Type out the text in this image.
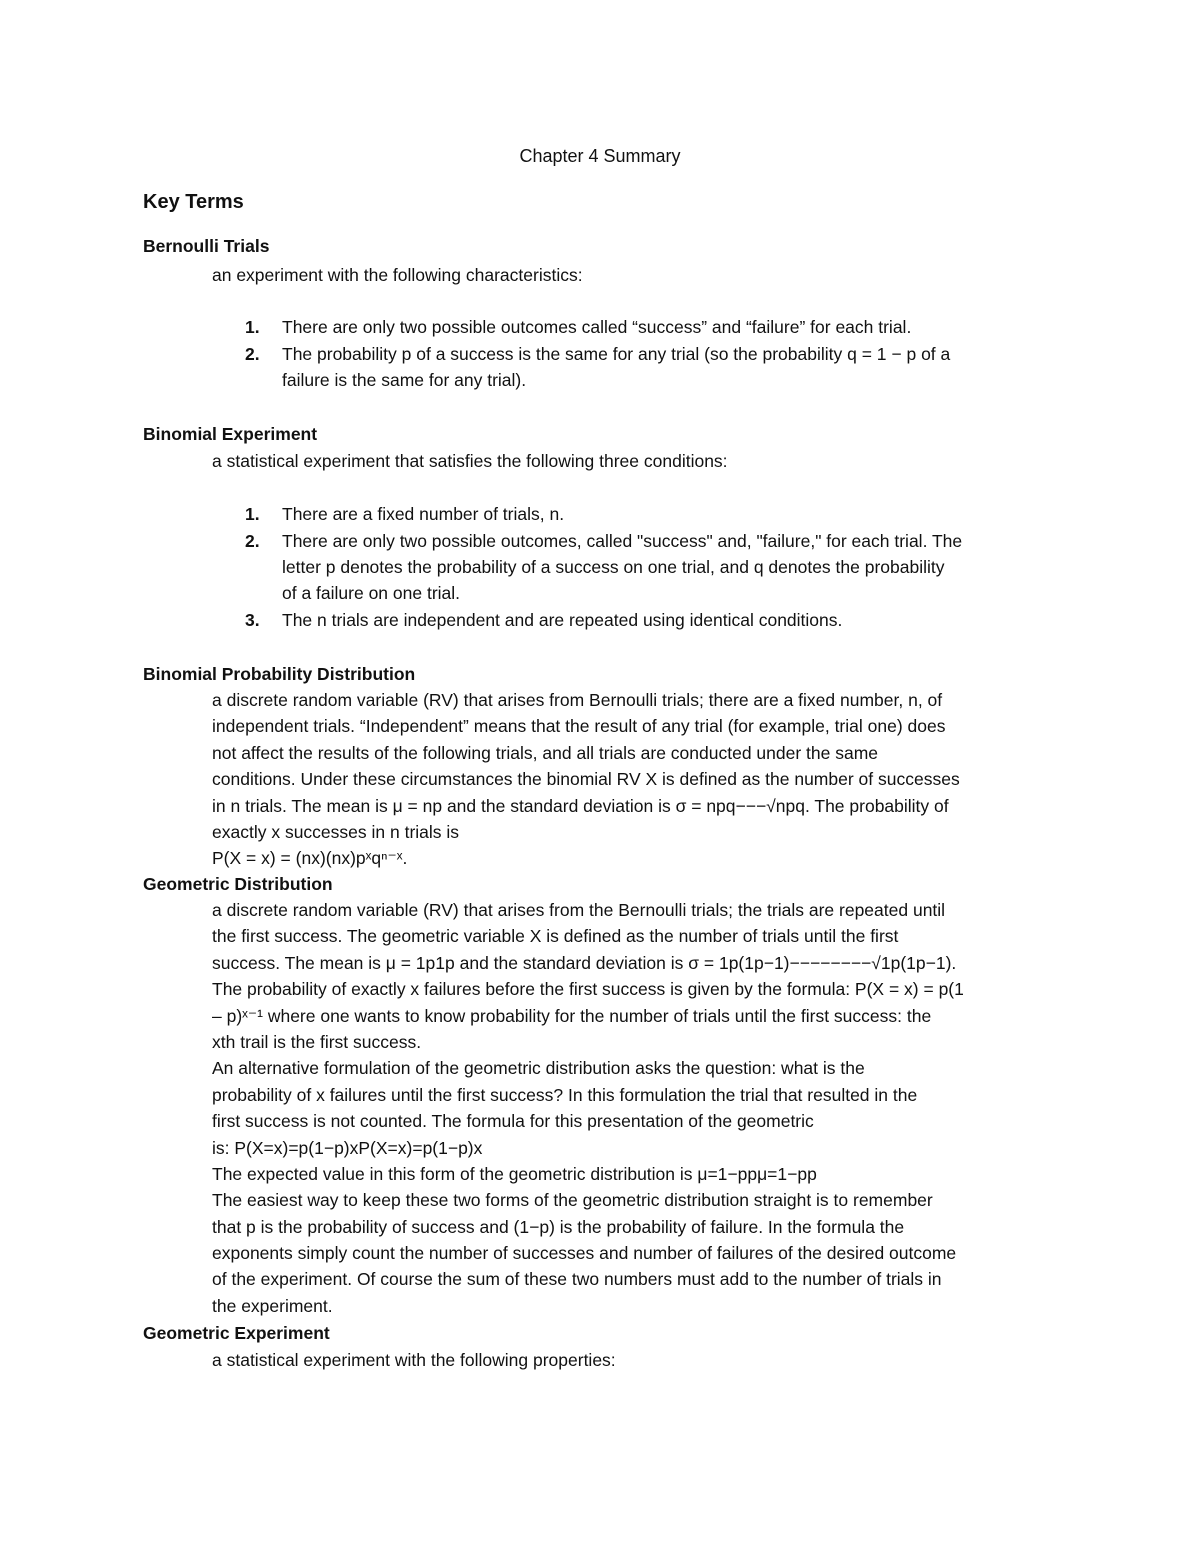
Chapter 4 Summary
Key Terms
Bernoulli Trials
an experiment with the following characteristics:
1. There are only two possible outcomes called “success” and “failure” for each trial.
2. The probability p of a success is the same for any trial (so the probability q = 1 − p of a
failure is the same for any trial).
Binomial Experiment
a statistical experiment that satisfies the following three conditions:
1. There are a fixed number of trials, n.
2. There are only two possible outcomes, called "success" and, "failure," for each trial. The
letter p denotes the probability of a success on one trial, and q denotes the probability
of a failure on one trial.
3. The n trials are independent and are repeated using identical conditions.
Binomial Probability Distribution
a discrete random variable (RV) that arises from Bernoulli trials; there are a fixed number, n, of
independent trials. “Independent” means that the result of any trial (for example, trial one) does
not affect the results of the following trials, and all trials are conducted under the same
conditions. Under these circumstances the binomial RV X is defined as the number of successes
in n trials. The mean is μ = np and the standard deviation is σ = npq−−−√npq. The probability of
exactly x successes in n trials is
P(X = x) = (nx)(nx)pˣqⁿ⁻ˣ.
Geometric Distribution
a discrete random variable (RV) that arises from the Bernoulli trials; the trials are repeated until
the first success. The geometric variable X is defined as the number of trials until the first
success. The mean is μ = 1p1p and the standard deviation is σ = 1p(1p−1)−−−−−−−−√1p(1p−1).
The probability of exactly x failures before the first success is given by the formula: P(X = x) = p(1
– p)ˣ⁻¹ where one wants to know probability for the number of trials until the first success: the
xth trail is the first success.
An alternative formulation of the geometric distribution asks the question: what is the
probability of x failures until the first success? In this formulation the trial that resulted in the
first success is not counted. The formula for this presentation of the geometric
is: P(X=x)=p(1−p)xP(X=x)=p(1−p)x
The expected value in this form of the geometric distribution is μ=1−ppμ=1−pp
The easiest way to keep these two forms of the geometric distribution straight is to remember
that p is the probability of success and (1−p) is the probability of failure. In the formula the
exponents simply count the number of successes and number of failures of the desired outcome
of the experiment. Of course the sum of these two numbers must add to the number of trials in
the experiment.
Geometric Experiment
a statistical experiment with the following properties:
